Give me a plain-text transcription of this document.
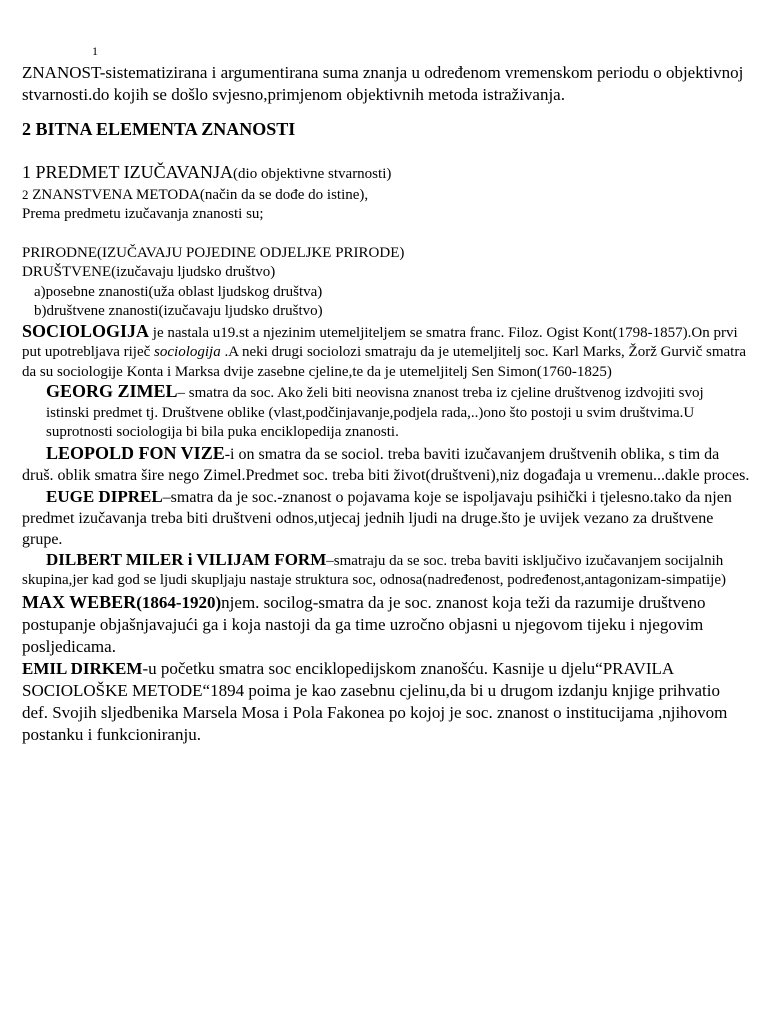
1

ZNANOST-sistematizirana i argumentirana suma znanja u određenom vremenskom periodu o objektivnoj stvarnosti.do kojih se došlo svjesno,primjenom objektivnih metoda istraživanja.

2 BITNA ELEMENTA ZNANOSTI

1 PREDMET IZUČAVANJA(dio objektivne stvarnosti)

2 ZNANSTVENA METODA(način da se dođe do istine),

Prema predmetu izučavanja znanosti su;

PRIRODNE(IZUČAVAJU POJEDINE ODJELJKE PRIRODE)

DRUŠTVENE(izučavaju ljudsko društvo)

a)posebne znanosti(uža oblast ljudskog društva)

b)društvene znanosti(izučavaju ljudsko društvo)

SOCIOLOGIJA je nastala u19.st a njezinim utemeljiteljem se smatra franc. Filoz. Ogist Kont(1798-1857).On prvi put upotrebljava riječ sociologija .A neki drugi sociolozi smatraju da je utemeljitelj soc. Karl Marks, Žorž Gurvič smatra da su sociologije Konta i Marksa dvije zasebne cjeline,te da je utemeljitelj Sen Simon(1760-1825)

GEORG ZIMEL– smatra da soc. Ako želi biti neovisna znanost treba iz cjeline društvenog izdvojiti svoj istinski predmet tj. Društvene oblike (vlast,podčinjavanje,podjela rada,..)ono što postoji u svim društvima.U suprotnosti sociologija bi bila puka enciklopedija znanosti.

LEOPOLD FON VIZE-i on smatra da se sociol. treba baviti izučavanjem društvenih oblika, s tim da druš. oblik smatra šire nego Zimel.Predmet soc. treba biti život(društveni),niz događaja u vremenu...dakle proces.

EUGE DIPREL–smatra da je soc.-znanost o pojavama koje se ispoljavaju psihički i tjelesno.tako da njen predmet izučavanja treba biti društveni odnos,utjecaj jednih ljudi na druge.što je uvijek vezano za društvene grupe.

DILBERT MILER i VILIJAM FORM–smatraju da se soc. treba baviti isključivo izučavanjem socijalnih skupina,jer kad god se ljudi skupljaju nastaje struktura soc, odnosa(nadređenost, podređenost,antagonizam-simpatije)

MAX WEBER(1864-1920)njem. socilog-smatra da je soc. znanost koja teži da razumije društveno postupanje objašnjavajući ga i koja nastoji da ga time uzročno objasni u njegovom tijeku i njegovim posljedicama.

EMIL DIRKEM-u početku smatra soc enciklopedijskom znanošću. Kasnije u djelu“PRAVILA SOCIOLOŠKE METODE“1894 poima je kao zasebnu cjelinu,da bi u drugom izdanju knjige prihvatio def. Svojih sljedbenika Marsela Mosa i Pola Fakonea po kojoj je soc. znanost o institucijama ,njihovom postanku i funkcioniranju.
